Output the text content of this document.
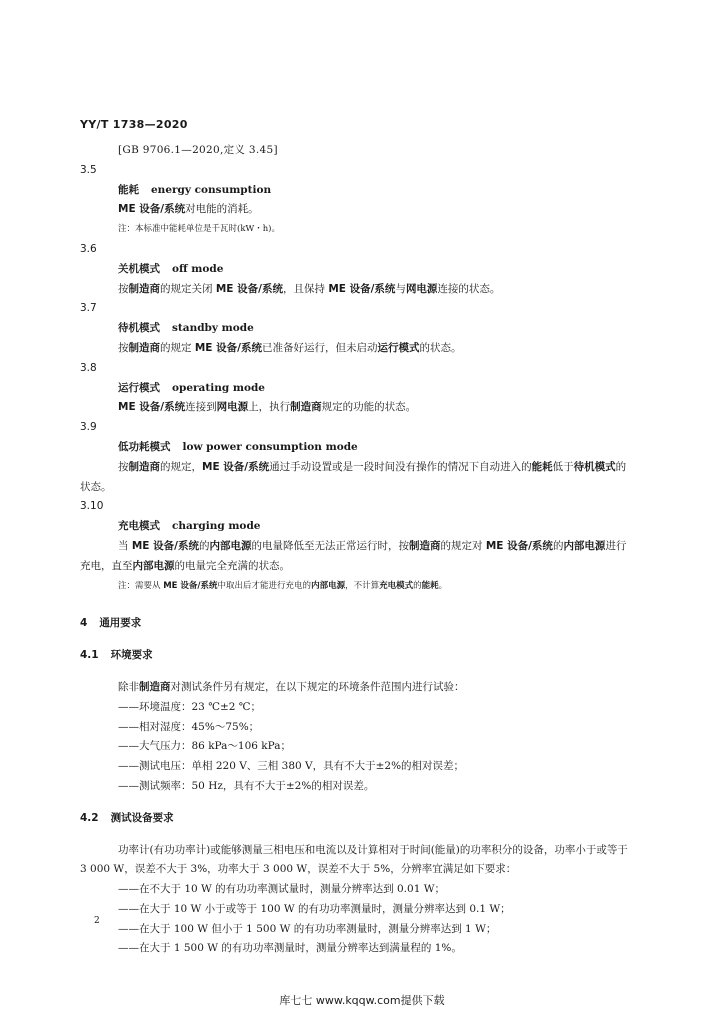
YY/T 1738—2020
[GB 9706.1—2020,定义 3.45]
3.5
能耗 energy consumption
ME 设备/系统对电能的消耗。
注：本标准中能耗单位是千瓦时(kW・h)。
3.6
关机模式 off mode
按制造商的规定关闭 ME 设备/系统，且保持 ME 设备/系统与网电源连接的状态。
3.7
待机模式 standby mode
按制造商的规定 ME 设备/系统已准备好运行，但未启动运行模式的状态。
3.8
运行模式 operating mode
ME 设备/系统连接到网电源上，执行制造商规定的功能的状态。
3.9
低功耗模式 low power consumption mode
按制造商的规定，ME 设备/系统通过手动设置或是一段时间没有操作的情况下自动进入的能耗低于待机模式的状态。
3.10
充电模式 charging mode
当 ME 设备/系统的内部电源的电量降低至无法正常运行时，按制造商的规定对 ME 设备/系统的内部电源进行充电，直至内部电源的电量完全充满的状态。
注：需要从 ME 设备/系统中取出后才能进行充电的内部电源，不计算充电模式的能耗。
4 通用要求
4.1 环境要求
除非制造商对测试条件另有规定，在以下规定的环境条件范围内进行试验：
——环境温度：23 ℃±2 ℃；
——相对湿度：45%～75%；
——大气压力：86 kPa～106 kPa；
——测试电压：单相 220 V、三相 380 V，具有不大于±2%的相对误差；
——测试频率：50 Hz，具有不大于±2%的相对误差。
4.2 测试设备要求
功率计(有功功率计)或能够测量三相电压和电流以及计算相对于时间(能量)的功率积分的设备，功率小于或等于 3 000 W，误差不大于 3%，功率大于 3 000 W，误差不大于 5%，分辨率宜满足如下要求：
——在不大于 10 W 的有功功率测试量时，测量分辨率达到 0.01 W；
——在大于 10 W 小于或等于 100 W 的有功功率测量时，测量分辨率达到 0.1 W；
——在大于 100 W 但小于 1 500 W 的有功功率测量时，测量分辨率达到 1 W；
——在大于 1 500 W 的有功功率测量时，测量分辨率达到满量程的 1%。
2
库七七 www.kqqw.com提供下载
